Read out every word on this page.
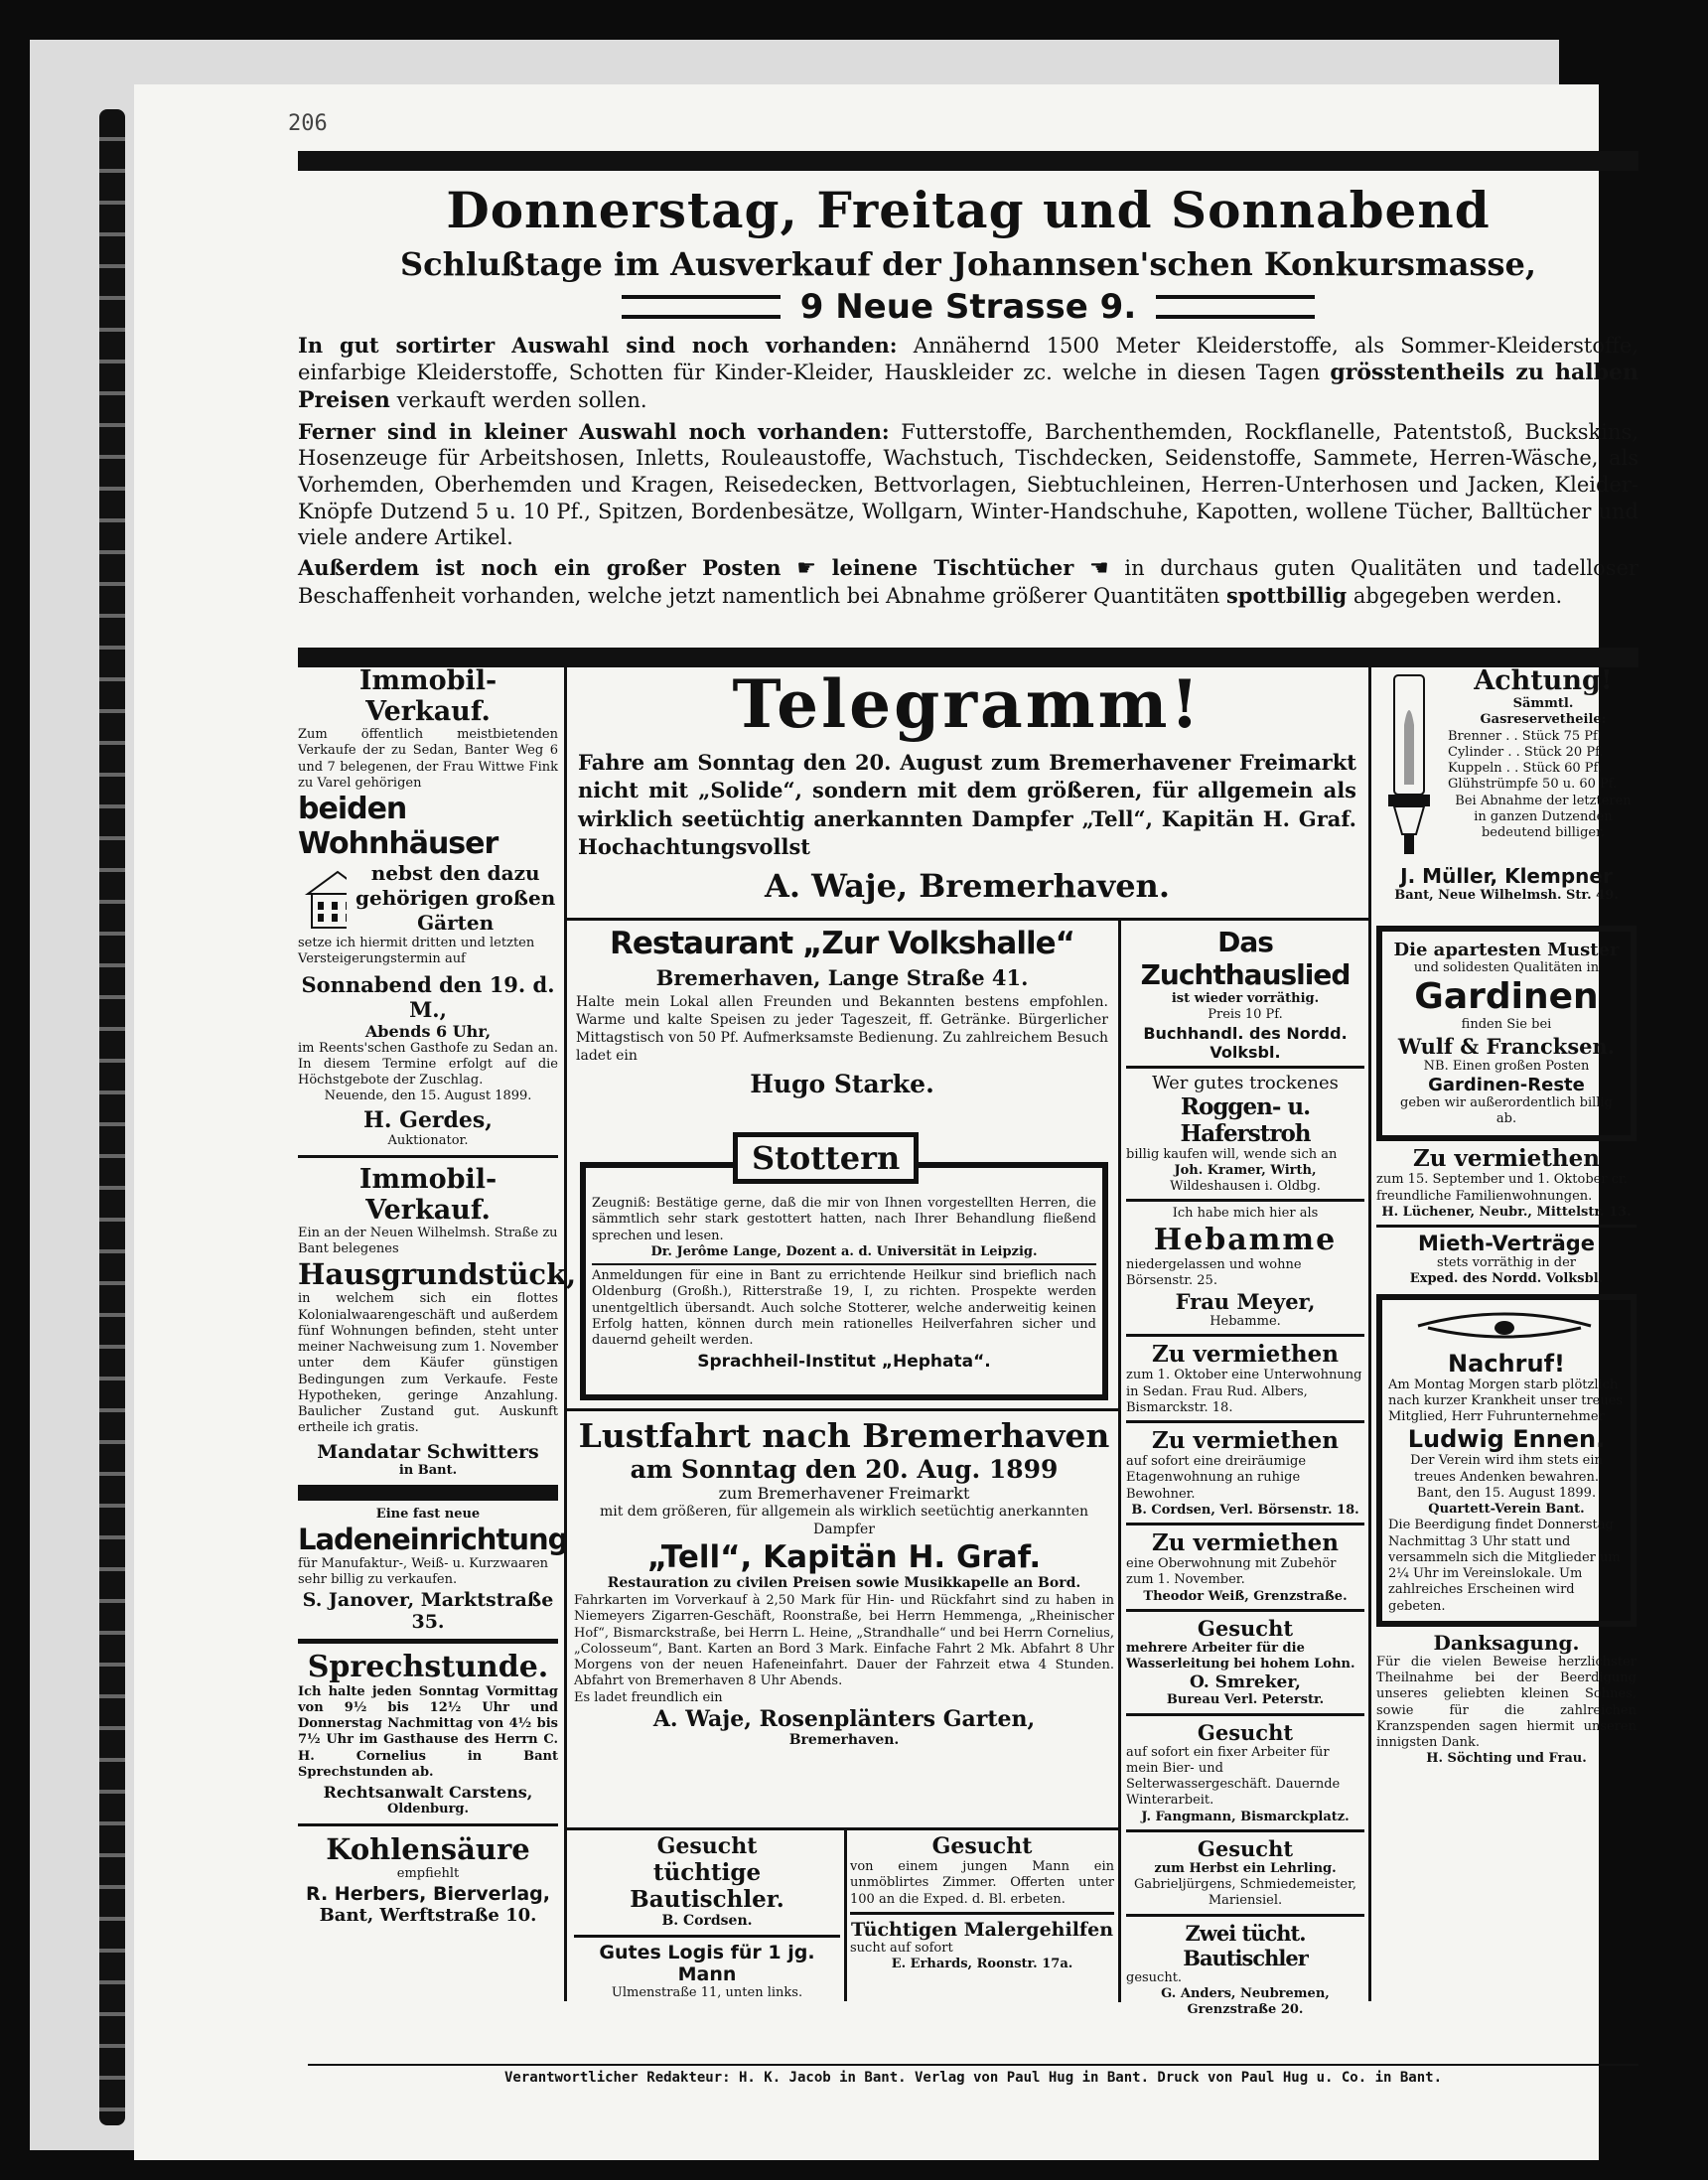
206
Donnerstag, Freitag und Sonnabend
Schlußtage im Ausverkauf der Johannsen'schen Konkursmasse,
9 Neue Strasse 9.

In gut sortirter Auswahl sind noch vorhanden: Annähernd 1500 Meter Kleiderstoffe, als Sommer-Kleiderstoffe, einfarbige Kleiderstoffe, Schotten für Kinder-Kleider, Hauskleider zc. welche in diesen Tagen grösstentheils zu halben Preisen verkauft werden sollen.

Ferner sind in kleiner Auswahl noch vorhanden: Futterstoffe, Barchenthemden, Rockflanelle, Patentstoß, Buckskins, Hosenzeuge für Arbeitshosen, Inletts, Rouleaustoffe, Wachstuch, Tischdecken, Seidenstoffe, Sammete, Herren-Wäsche, als Vorhemden, Oberhemden und Kragen, Reisedecken, Bettvorlagen, Siebtuchleinen, Herren-Unterhosen und Jacken, Kleider-Knöpfe Dutzend 5 u. 10 Pf., Spitzen, Bordenbesätze, Wollgarn, Winter-Handschuhe, Kapotten, wollene Tücher, Balltücher und viele andere Artikel.

Außerdem ist noch ein großer Posten ☛ leinene Tischtücher ☚ in durchaus guten Qualitäten und tadelloser Beschaffenheit vorhanden, welche jetzt namentlich bei Abnahme größerer Quantitäten spottbillig abgegeben werden.

Immobil-Verkauf.

Zum öffentlich meistbietenden Verkaufe der zu Sedan, Banter Weg 6 und 7 belegenen, der Frau Wittwe Fink zu Varel gehörigen

beiden Wohnhäuser
nebst den dazu gehörigen großen Gärten

setze ich hiermit dritten und letzten Versteigerungstermin auf

Sonnabend den 19. d. M.,
Abends 6 Uhr,

im Reents'schen Gasthofe zu Sedan an. In diesem Termine erfolgt auf die Höchstgebote der Zuschlag.

Neuende, den 15. August 1899.

H. Gerdes,

Auktionator.

Immobil-Verkauf.

Ein an der Neuen Wilhelmsh. Straße zu Bant belegenes

Hausgrundstück,

in welchem sich ein flottes Kolonialwaarengeschäft und außerdem fünf Wohnungen befinden, steht unter meiner Nachweisung zum 1. November unter dem Käufer günstigen Bedingungen zum Verkaufe. Feste Hypotheken, geringe Anzahlung. Baulicher Zustand gut. Auskunft ertheile ich gratis.

Mandatar Schwitters

in Bant.

Eine fast neue

Ladeneinrichtung

für Manufaktur-, Weiß- u. Kurzwaaren sehr billig zu verkaufen.

S. Janover, Marktstraße 35.
Sprechstunde.

Ich halte jeden Sonntag Vormittag von 9½ bis 12½ Uhr und Donnerstag Nachmittag von 4½ bis 7½ Uhr im Gasthause des Herrn C. H. Cornelius in Bant Sprechstunden ab.

Rechtsanwalt Carstens,

Oldenburg.

Kohlensäure

empfiehlt

R. Herbers, Bierverlag,
Bant, Werftstraße 10.
Telegramm!

Fahre am Sonntag den 20. August zum Bremerhavener Freimarkt nicht mit „Solide“, sondern mit dem größeren, für allgemein als wirklich seetüchtig anerkannten Dampfer „Tell“, Kapitän H. Graf. Hochachtungsvollst

A. Waje, Bremerhaven.
Achtung!

Sämmtl. Gasreservetheile:

Brenner . . Stück 75 Pf.

Cylinder . . Stück 20 Pf.

Kuppeln . . Stück 60 Pf.

Glühstrümpfe 50 u. 60 Pf.

Bei Abnahme der letzteren in ganzen Dutzenden bedeutend billiger.

J. Müller, Klempner

Bant, Neue Wilhelmsh. Str. 49.

Restaurant „Zur Volkshalle“
Bremerhaven, Lange Straße 41.

Halte mein Lokal allen Freunden und Bekannten bestens empfohlen. Warme und kalte Speisen zu jeder Tageszeit, ff. Getränke. Bürgerlicher Mittagstisch von 50 Pf. Aufmerksamste Bedienung. Zu zahlreichem Besuch ladet ein

Hugo Starke.

Zeugniß: Bestätige gerne, daß die mir von Ihnen vorgestellten Herren, die sämmtlich sehr stark gestottert hatten, nach Ihrer Behandlung fließend sprechen und lesen.

Dr. Jerôme Lange, Dozent a. d. Universität in Leipzig.

Anmeldungen für eine in Bant zu errichtende Heilkur sind brieflich nach Oldenburg (Großh.), Ritterstraße 19, I, zu richten. Prospekte werden unentgeltlich übersandt. Auch solche Stotterer, welche anderweitig keinen Erfolg hatten, können durch mein rationelles Heilverfahren sicher und dauernd geheilt werden.

Sprachheil-Institut „Hephata“.
Stottern
Lustfahrt nach Bremerhaven
am Sonntag den 20. Aug. 1899

zum Bremerhavener Freimarkt

mit dem größeren, für allgemein als wirklich seetüchtig anerkannten Dampfer

„Tell“, Kapitän H. Graf.

Restauration zu civilen Preisen sowie Musikkapelle an Bord.

Fahrkarten im Vorverkauf à 2,50 Mark für Hin- und Rückfahrt sind zu haben in Niemeyers Zigarren-Geschäft, Roonstraße, bei Herrn Hemmenga, „Rheinischer Hof“, Bismarckstraße, bei Herrn L. Heine, „Strandhalle“ und bei Herrn Cornelius, „Colosseum“, Bant. Karten an Bord 3 Mark. Einfache Fahrt 2 Mk. Abfahrt 8 Uhr Morgens von der neuen Hafeneinfahrt. Dauer der Fahrzeit etwa 4 Stunden. Abfahrt von Bremerhaven 8 Uhr Abends.

Es ladet freundlich ein

A. Waje, Rosenplänters Garten,

Bremerhaven.

Gesucht
tüchtige Bautischler.

B. Cordsen.

Gutes Logis für 1 jg. Mann

Ulmenstraße 11, unten links.

Gesucht

von einem jungen Mann ein unmöblirtes Zimmer. Offerten unter 100 an die Exped. d. Bl. erbeten.

Tüchtigen Malergehilfen

sucht auf sofort

E. Erhards, Roonstr. 17a.

Das Zuchthauslied

ist wieder vorräthig.

Preis 10 Pf.

Buchhandl. des Nordd. Volksbl.
Wer gutes trockenes
Roggen- u. Haferstroh

billig kaufen will, wende sich an

Joh. Kramer, Wirth,

Wildeshausen i. Oldbg.

Ich habe mich hier als

Hebamme

niedergelassen und wohne Börsenstr. 25.

Frau Meyer,

Hebamme.

Zu vermiethen

zum 1. Oktober eine Unterwohnung in Sedan. Frau Rud. Albers, Bismarckstr. 18.

Zu vermiethen

auf sofort eine dreiräumige Etagenwohnung an ruhige Bewohner.

B. Cordsen, Verl. Börsenstr. 18.

Zu vermiethen

eine Oberwohnung mit Zubehör zum 1. November.

Theodor Weiß, Grenzstraße.

Gesucht

mehrere Arbeiter für die Wasserleitung bei hohem Lohn.

O. Smreker,

Bureau Verl. Peterstr.

Gesucht

auf sofort ein fixer Arbeiter für mein Bier- und Selterwassergeschäft. Dauernde Winterarbeit.

J. Fangmann, Bismarckplatz.

Gesucht

zum Herbst ein Lehrling.

Gabrieljürgens, Schmiedemeister, Mariensiel.

Zwei tücht. Bautischler

gesucht.

G. Anders, Neubremen, Grenzstraße 20.

Die apartesten Muster

und solidesten Qualitäten in

Gardinen

finden Sie bei

Wulf & Francksen.

NB. Einen großen Posten

Gardinen-Reste

geben wir außerordentlich billig ab.

Zu vermiethen

zum 15. September und 1. Oktober cr. freundliche Familienwohnungen.

H. Lüchener, Neubr., Mittelstr. 13.

Mieth-Verträge

stets vorräthig in der

Exped. des Nordd. Volksbl.

Nachruf!

Am Montag Morgen starb plötzlich nach kurzer Krankheit unser treues Mitglied, Herr Fuhrunternehmer

Ludwig Ennen.

Der Verein wird ihm stets ein treues Andenken bewahren.

Bant, den 15. August 1899.

Quartett-Verein Bant.

Die Beerdigung findet Donnerstag Nachmittag 3 Uhr statt und versammeln sich die Mitglieder um 2¼ Uhr im Vereinslokale. Um zahlreiches Erscheinen wird gebeten.

Danksagung.

Für die vielen Beweise herzlichster Theilnahme bei der Beerdigung unseres geliebten kleinen Sohnes, sowie für die zahlreichen Kranzspenden sagen hiermit unseren innigsten Dank.

H. Söchting und Frau.

Verantwortlicher Redakteur: H. K. Jacob in Bant. Verlag von Paul Hug in Bant. Druck von Paul Hug u. Co. in Bant.
